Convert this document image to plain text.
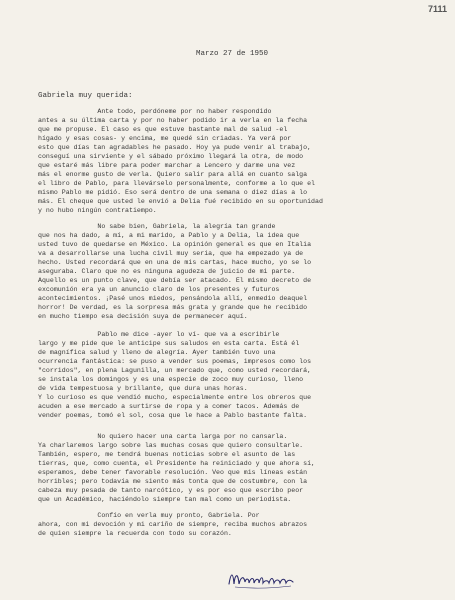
7111
Marzo 27 de 1950
Gabriela muy querida:
Ante todo, perdóneme por no haber respondido
antes a su última carta y por no haber podido ir a verla en la fecha
que me propuse. El caso es que estuve bastante mal de salud -el
hígado y esas cosas- y encima, me quedé sin criadas. Ya verá por
esto que días tan agradables he pasado. Hoy ya pude venir al trabajo,
conseguí una sirviente y el sábado próximo llegará la otra, de modo
que estaré más libre para poder marchar a Lencero y darme una vez
más el enorme gusto de verla. Quiero salir para allá en cuanto salga
el libro de Pablo, para llevárselo personalmente, conforme a lo que el
mismo Pablo me pidió. Eso será dentro de una semana o diez días a lo
más. El cheque que usted le envió a Delia fué recibido en su oportunidad
y no hubo ningún contratiempo.
No sabe bien, Gabriela, la alegría tan grande
que nos ha dado, a mí, a mi marido, a Pablo y a Delia, la idea que
usted tuvo de quedarse en México. La opinión general es que en Italia
va a desarrollarse una lucha civil muy seria, que ha empezado ya de
hecho. Usted recordará que en una de mis cartas, hace mucho, yo se lo
aseguraba. Claro que no es ninguna agudeza de juicio de mi parte.
Aquello es un punto clave, que debía ser atacado. El mismo decreto de
excomunión era ya un anuncio claro de los presentes y futuros
acontecimientos. ¡Pasé unos miedos, pensándola allí, enmedio deaquel
horror! De verdad, es la sorpresa más grata y grande que he recibido
en mucho tiempo esa decisión suya de permanecer aquí.
Pablo me dice -ayer lo ví- que va a escribirle
largo y me pide que le anticipe sus saludos en esta carta. Está él
de magnífica salud y lleno de alegría. Ayer también tuvo una
ocurrencia fantástica: se puso a vender sus poemas, impresos como los
"corridos", en plena Lagunilla, un mercado que, como usted recordará,
se instala los domingos y es una especie de zoco muy curioso, lleno
de vida tempestuosa y brillante, que dura unas horas.
Y lo curioso es que vendió mucho, especialmente entre los obreros que
acuden a ese mercado a surtirse de ropa y a comer tacos. Además de
vender poemas, tomó el sol, cosa que le hace a Pablo bastante falta.
No quiero hacer una carta larga por no cansarla.
Ya charlaremos largo sobre las muchas cosas que quiero consultarle.
También, espero, me tendrá buenas noticias sobre el asunto de las
tierras, que, como cuenta, el Presidente ha reiniciado y que ahora sí,
esperamos, debe tener favorable resolución. Veo que mis líneas están
horribles; pero todavía me siento más tonta que de costumbre, con la
cabeza muy pesada de tanto narcótico, y es por eso que escribo peor
que un Académico, haciéndolo siempre tan mal como un periodista.
Confío en verla muy pronto, Gabriela. Por
ahora, con mi devoción y mi cariño de siempre, reciba muchos abrazos
de quien siempre la recuerda con todo su corazón.
